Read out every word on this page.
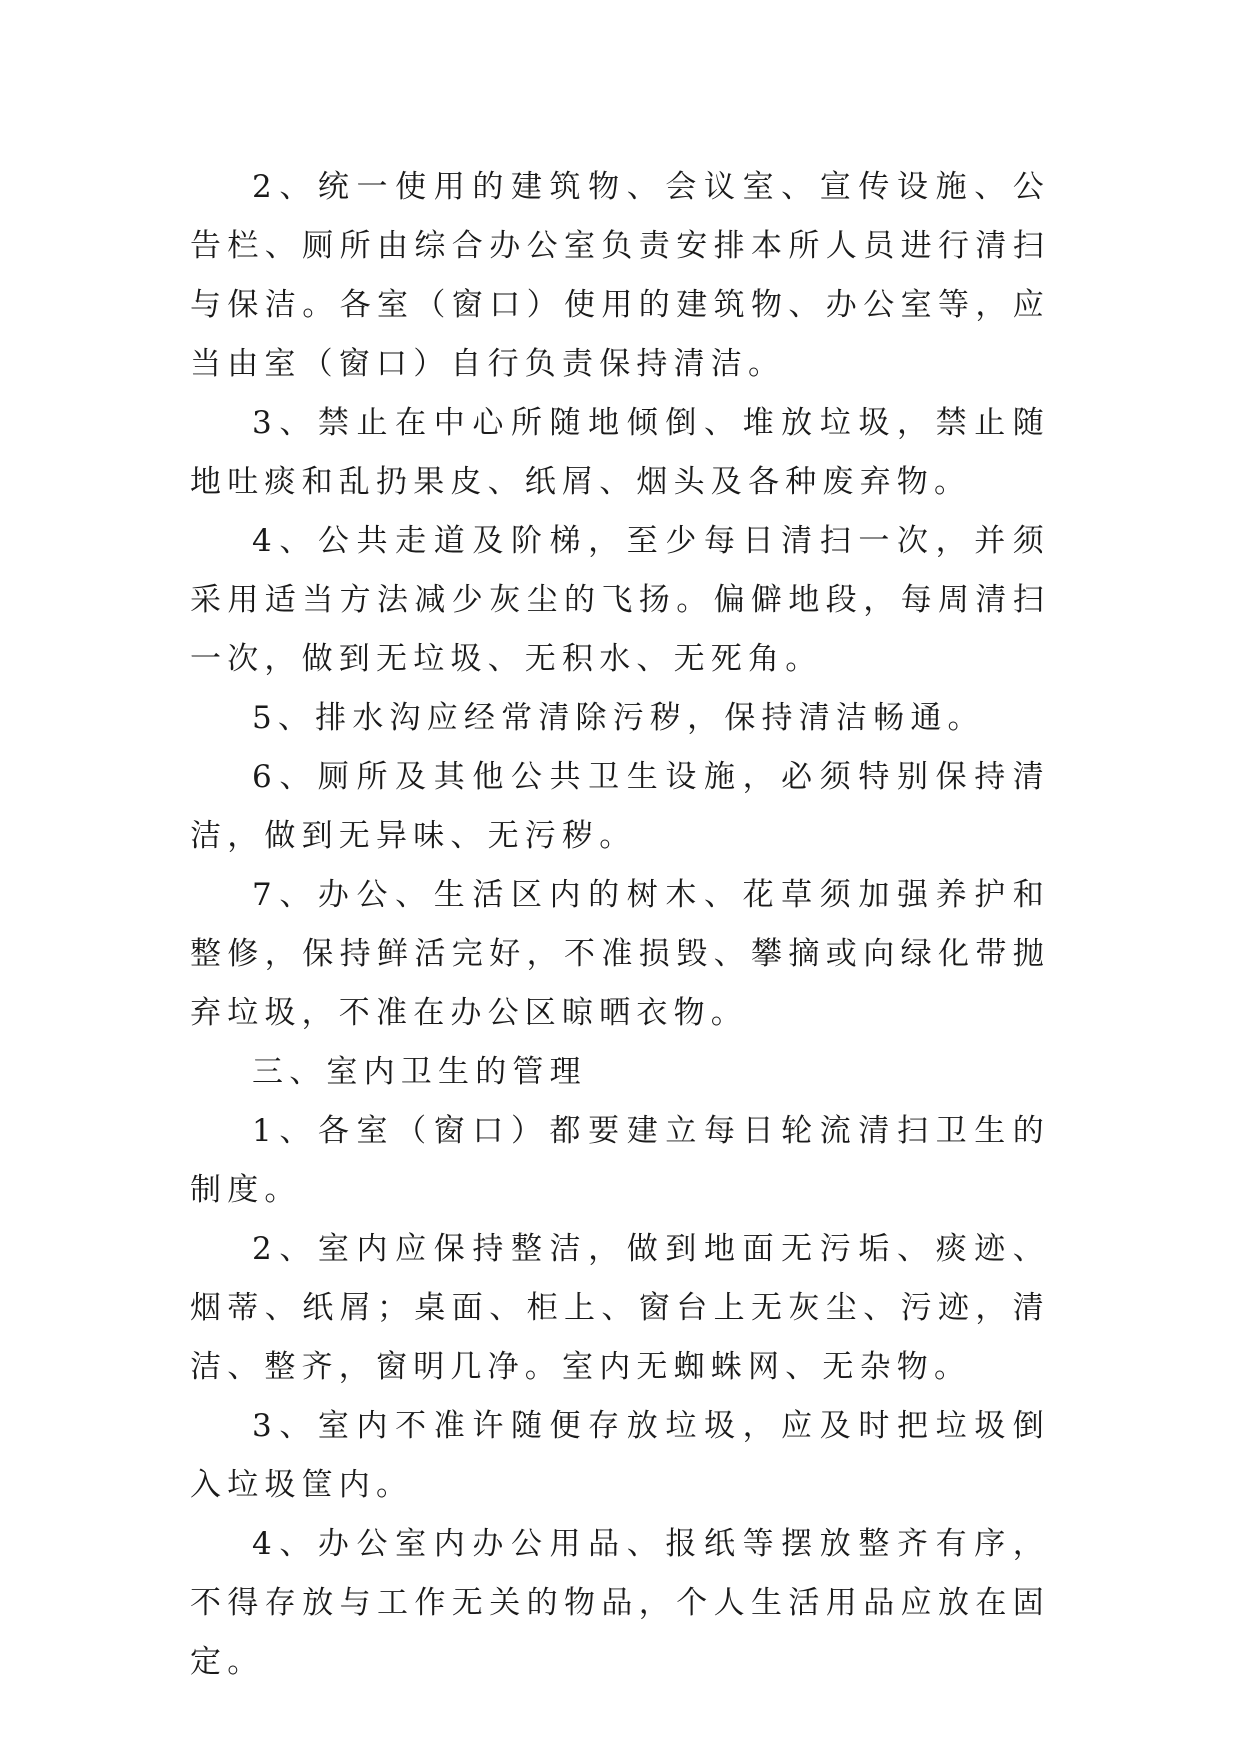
2、统一使用的建筑物、会议室、宣传设施、公告栏、厕所由综合办公室负责安排本所人员进行清扫与保洁。各室（窗口）使用的建筑物、办公室等，应当由室（窗口）自行负责保持清洁。

3、禁止在中心所随地倾倒、堆放垃圾，禁止随地吐痰和乱扔果皮、纸屑、烟头及各种废弃物。

4、公共走道及阶梯，至少每日清扫一次，并须采用适当方法减少灰尘的飞扬。偏僻地段，每周清扫一次，做到无垃圾、无积水、无死角。

5、排水沟应经常清除污秽，保持清洁畅通。

6、厕所及其他公共卫生设施，必须特别保持清洁，做到无异味、无污秽。

7、办公、生活区内的树木、花草须加强养护和整修，保持鲜活完好，不准损毁、攀摘或向绿化带抛弃垃圾，不准在办公区晾晒衣物。

三、室内卫生的管理

1、各室（窗口）都要建立每日轮流清扫卫生的制度。

2、室内应保持整洁，做到地面无污垢、痰迹、烟蒂、纸屑；桌面、柜上、窗台上无灰尘、污迹，清洁、整齐，窗明几净。室内无蜘蛛网、无杂物。

3、室内不准许随便存放垃圾，应及时把垃圾倒入垃圾筐内。

4、办公室内办公用品、报纸等摆放整齐有序，不得存放与工作无关的物品，个人生活用品应放在固定。
